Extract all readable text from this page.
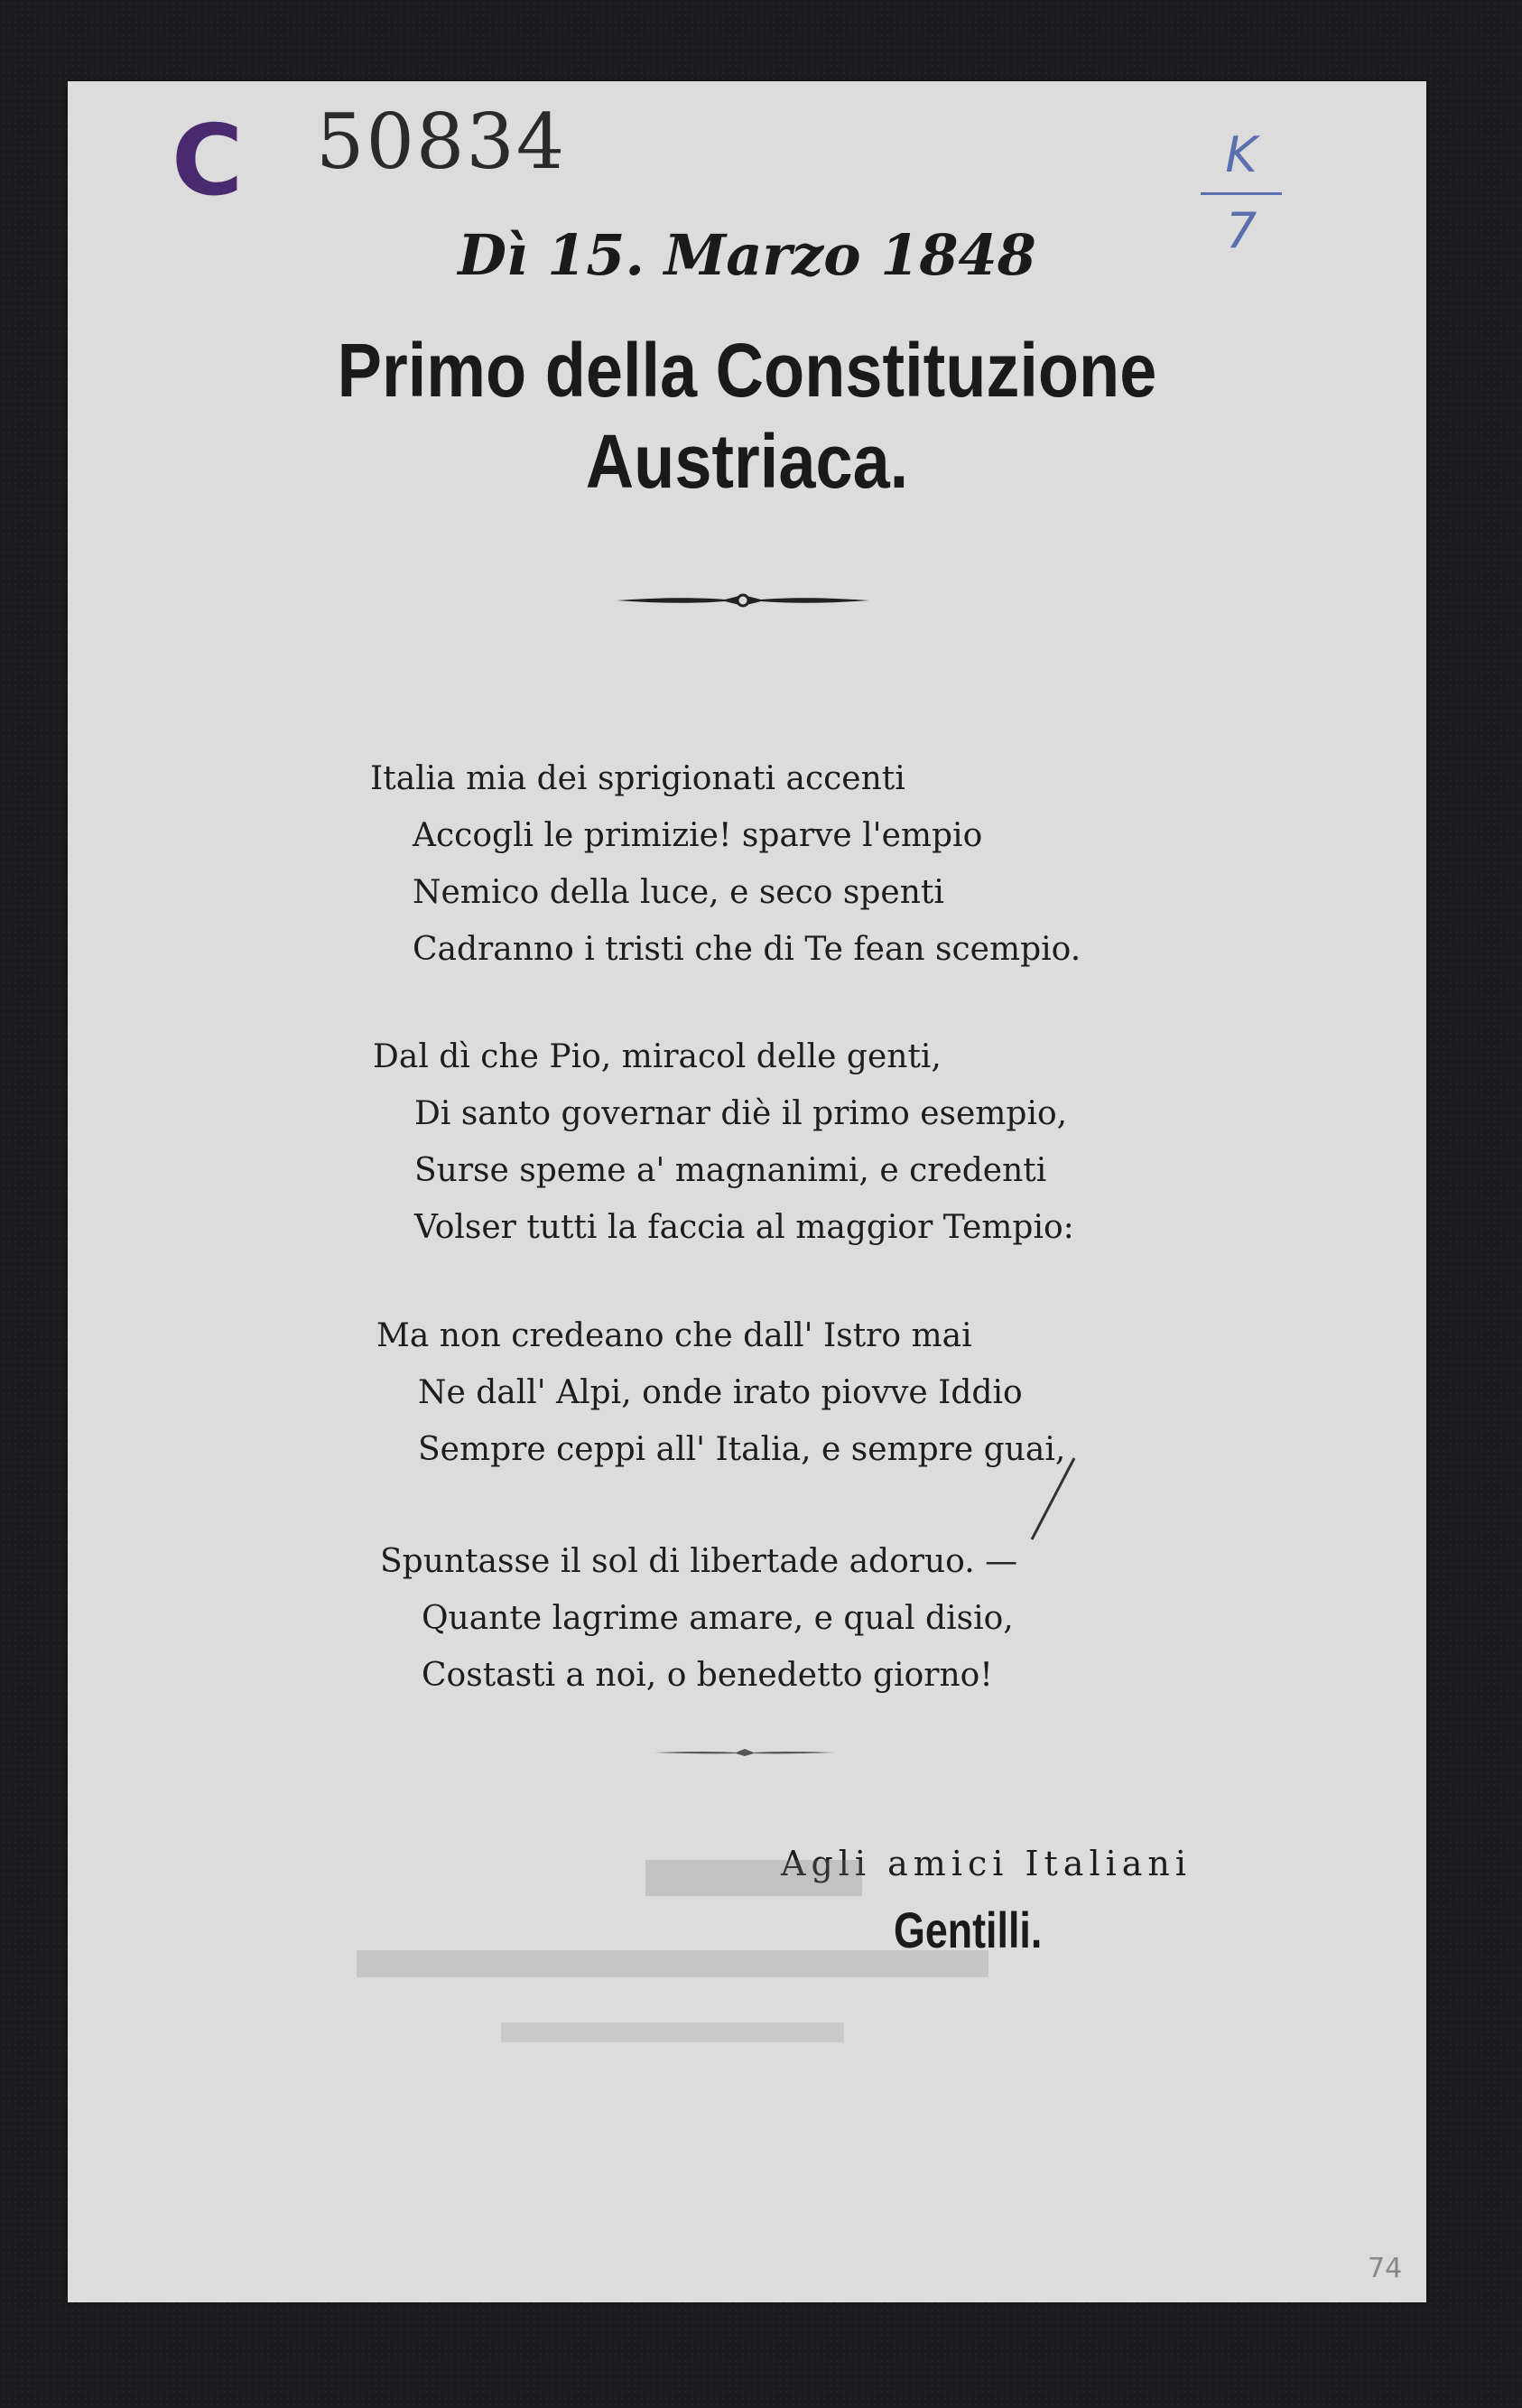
C 50834	K
7
Dì 15. Marzo 1848
Primo della Constituzione
Austriaca.
Italia mia dei sprigionati accenti
Accogli le primizie! sparve l'empio
Nemico della luce, e seco spenti
Cadranno i tristi che di Te fean scempio.
Dal dì che Pio, miracol delle genti,
Di santo governar diè il primo esempio,
Surse speme a' magnanimi, e credenti
Volser tutti la faccia al maggior Tempio:
Ma non credeano che dall' Istro mai
Ne dall' Alpi, onde irato piovve Iddio
Sempre ceppi all' Italia, e sempre guai,
Spuntasse il sol di libertade adoruo. —
Quante lagrime amare, e qual disio,
Costasti a noi, o benedetto giorno!
Agli amici Italiani
Gentilli.
74
